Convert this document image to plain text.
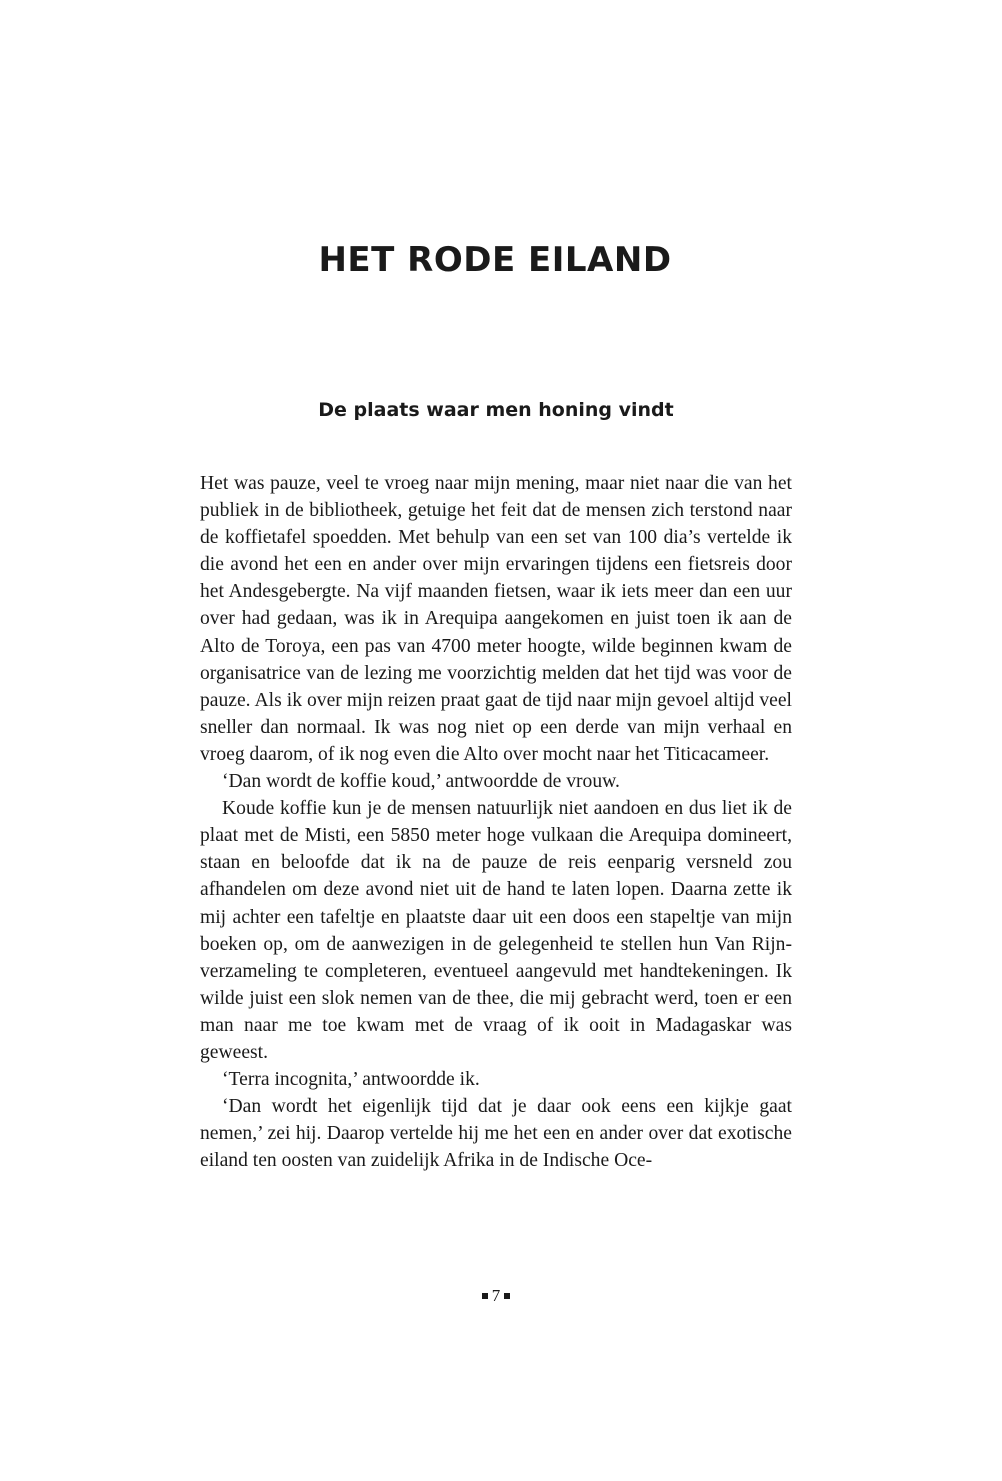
HET RODE EILAND
De plaats waar men honing vindt

Het was pauze, veel te vroeg naar mijn mening, maar niet naar die van het publiek in de bibliotheek, getuige het feit dat de mensen zich terstond naar de koffietafel spoedden. Met behulp van een set van 100 dia’s vertelde ik die avond het een en ander over mijn ervaringen tijdens een fietsreis door het Andesgebergte. Na vijf maanden fietsen, waar ik iets meer dan een uur over had gedaan, was ik in Arequipa aangekomen en juist toen ik aan de Alto de Toroya, een pas van 4700 meter hoogte, wilde beginnen kwam de organisatrice van de lezing me voorzichtig melden dat het tijd was voor de pauze. Als ik over mijn reizen praat gaat de tijd naar mijn gevoel altijd veel sneller dan normaal. Ik was nog niet op een derde van mijn verhaal en vroeg daarom, of ik nog even die Alto over mocht naar het Titicacameer.

‘Dan wordt de koffie koud,’ antwoordde de vrouw.

Koude koffie kun je de mensen natuurlijk niet aandoen en dus liet ik de plaat met de Misti, een 5850 meter hoge vulkaan die Arequipa domineert, staan en beloofde dat ik na de pauze de reis eenparig versneld zou afhandelen om deze avond niet uit de hand te laten lopen. Daarna zette ik mij achter een tafeltje en plaatste daar uit een doos een stapeltje van mijn boeken op, om de aanwezigen in de gelegenheid te stellen hun Van Rijn-verzameling te completeren, eventueel aangevuld met handtekeningen. Ik wilde juist een slok nemen van de thee, die mij gebracht werd, toen er een man naar me toe kwam met de vraag of ik ooit in Madagaskar was geweest.

‘Terra incognita,’ antwoordde ik.

‘Dan wordt het eigenlijk tijd dat je daar ook eens een kijkje gaat nemen,’ zei hij. Daarop vertelde hij me het een en ander over dat exotische eiland ten oosten van zuidelijk Afrika in de Indische Oce-

7
